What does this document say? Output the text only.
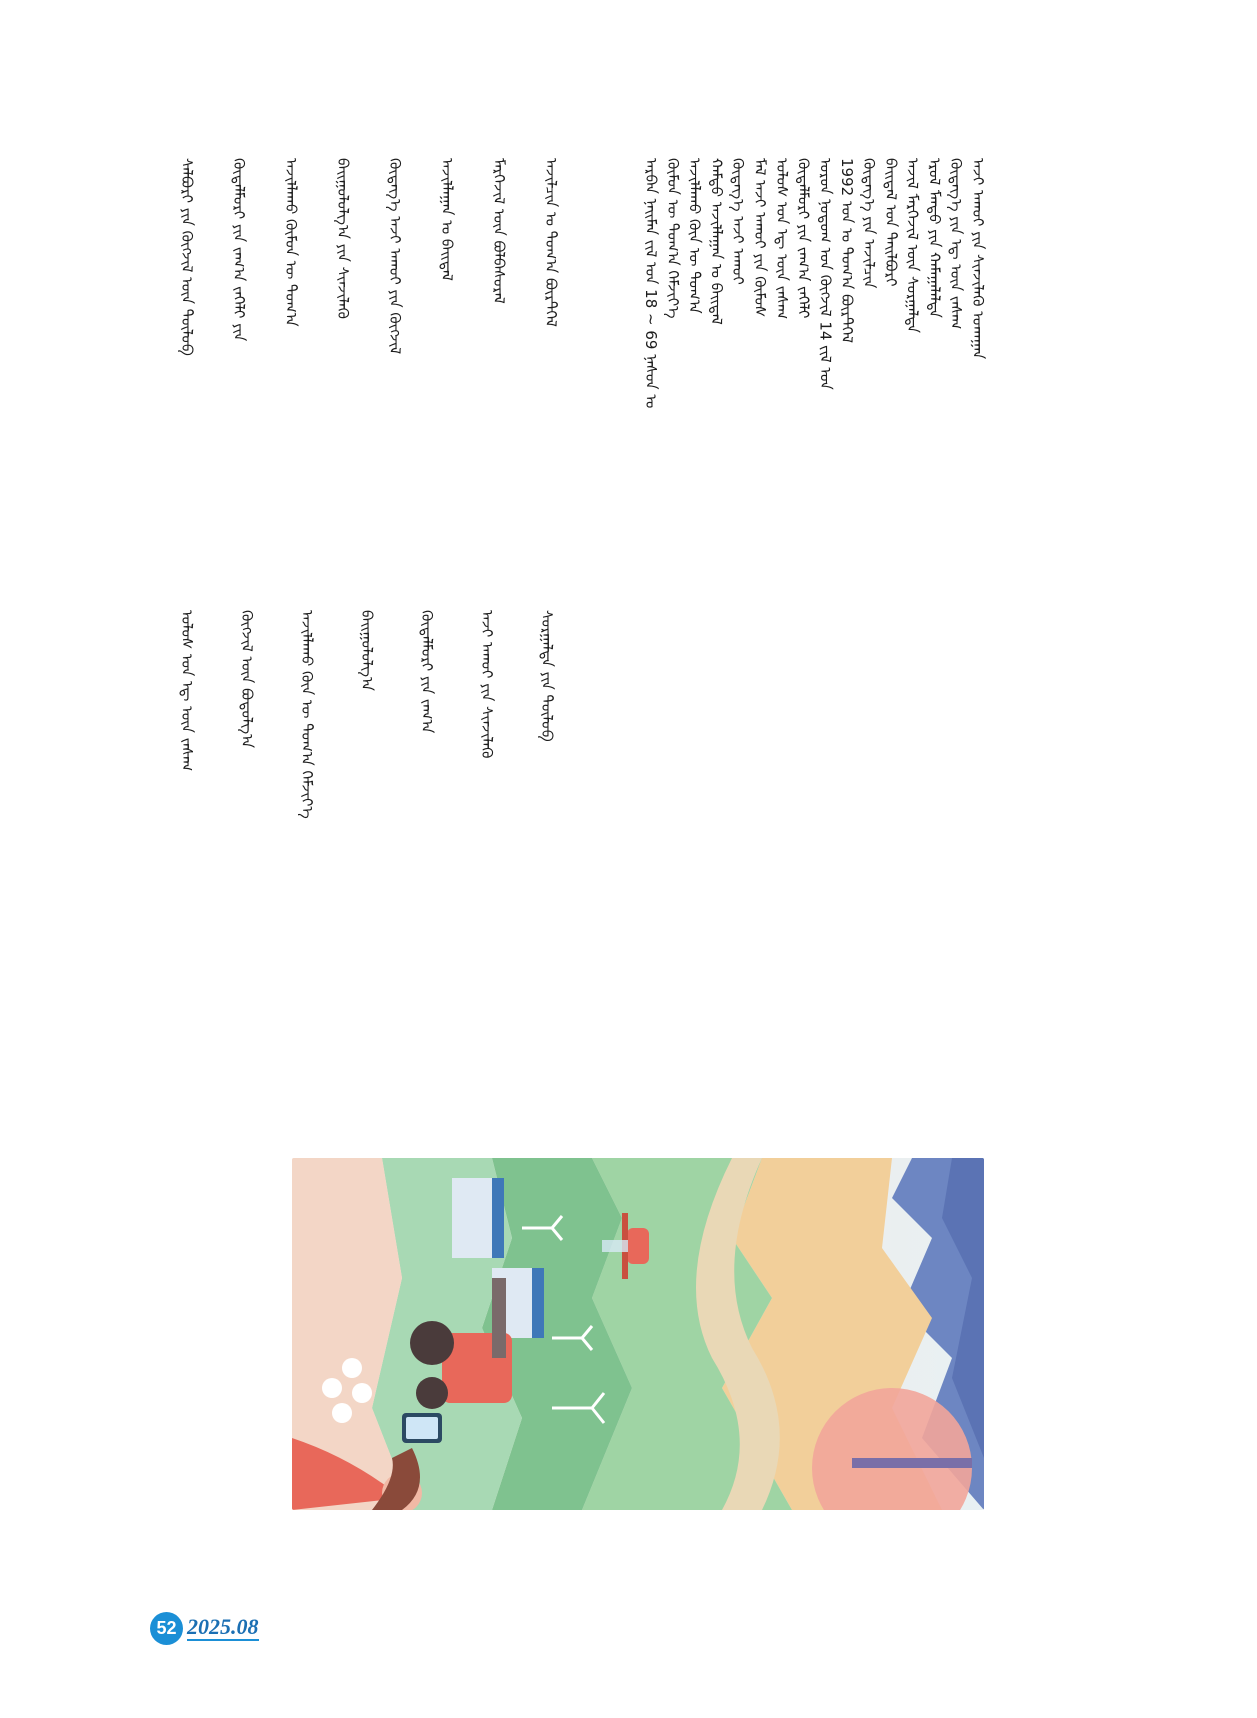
ᠠᠷᠪᠠᠨ ᠨᠠᠢᠮᠠᠨ ᠵᠢᠯ ᠤᠨ 18 ~ 69 ᠨᠠᠰᠤᠨ ᠤ ᠬᠦᠮᠦᠨ ᠦ ᠲᠣᠭ᠎ᠠ ᠬᠡᠮᠵᠢᠶ᠎ᠡ ᠠᠵᠢᠯᠯᠠᠬᠤ ᠬᠦᠨ ᠦ ᠲᠣᠭ᠎ᠠ ᠬᠠᠮᠲᠤ ᠠᠵᠢᠯᠯᠠᠭᠠᠨ ᠤ ᠪᠠᠢᠳᠠᠯ ᠬᠥᠳᠡᠭ᠎ᠡ ᠠᠵᠢ ᠠᠬᠤᠢ ᠮᠠᠯ ᠠᠵᠢ ᠠᠬᠤᠢ ᠶᠢᠨ ᠬᠦᠮᠦᠰ ᠤᠯᠤᠰ ᠤᠨ ᠡᠳ᠋ ᠦᠨ ᠵᠠᠰᠠᠭ ᠬᠦᠳᠡᠯᠮᠦᠷᠢ ᠶᠢᠨ ᠵᠠᠬ᠎ᠠ ᠵᠡᠭᠡᠯᠢ ᠣᠷᠣᠨ ᠨᠤᠲᠤᠭ ᠤᠨ ᠬᠥᠭᠵᠢᠯ 14 ᠵᠢᠯ ᠤᠨ 1992 ᠣᠨ ᠤ ᠲᠣᠭ᠎ᠠ ᠪᠦᠷᠲᠭᠡᠯ ᠬᠥᠳᠡᠭ᠎ᠡ ᠶᠢᠨ ᠠᠵᠢᠯᠴᠢᠨ ᠪᠠᠢᠳᠠᠯ ᠤᠨ ᠲᠠᠢᠯᠪᠤᠷᠢ ᠠᠵᠢᠯ ᠮᠡᠷᠭᠡᠵᠢᠯ ᠦᠨ ᠰᠤᠷᠭᠠᠯᠲᠠ ᠡᠷᠦᠯ ᠮᠡᠨᠳᠦ ᠶᠢᠨ ᠬᠠᠮᠠᠭᠠᠯᠠᠯᠲᠠ ᠬᠥᠳᠡᠭ᠎ᠡ ᠶᠢᠨ ᠡᠳ᠋ ᠦᠨ ᠵᠠᠰᠠᠭ ᠠᠵᠢ ᠠᠬᠤᠢ ᠶᠢᠨ ᠰᠢᠨᠵᠢᠯᠡᠬᠦ ᠤᠬᠠᠭᠠᠨ
ᠰᠠᠯᠪᠤᠷᠢ ᠶᠢᠨ ᠬᠥᠭᠵᠢᠯ ᠦᠨ ᠲᠥᠯᠦᠪ	ᠬᠥᠳᠡᠯᠮᠦᠷᠢ ᠶᠢᠨ ᠵᠠᠬ᠎ᠠ ᠵᠡᠭᠡᠯᠢ ᠶᠢᠨ	ᠠᠵᠢᠯᠯᠠᠬᠤ ᠬᠦᠮᠦᠨ ᠦ ᠲᠣᠭ᠎ᠠ	ᠪᠠᠢᠭᠤᠯᠤᠯᠭ᠎ᠠ ᠶᠢᠨ ᠰᠢᠨᠵᠢᠯᠡᠬᠦ	ᠬᠥᠳᠡᠭ᠎ᠡ ᠠᠵᠢ ᠠᠬᠤᠢ ᠶᠢᠨ ᠬᠥᠭᠵᠢᠯ	ᠠᠵᠢᠯᠯᠠᠭᠠᠨ ᠤ ᠪᠠᠢᠳᠠᠯ	ᠮᠡᠷᠭᠡᠵᠢᠯ ᠦᠨ ᠪᠣᠯᠪᠠᠰᠤᠷᠠᠯ	ᠠᠵᠢᠯᠴᠢᠨ ᠤ ᠲᠣᠭ᠎ᠠ ᠪᠦᠷᠲᠭᠡᠯ
ᠤᠯᠤᠰ ᠤᠨ ᠡᠳ᠋ ᠦᠨ ᠵᠠᠰᠠᠭ	ᠬᠥᠭᠵᠢᠯ ᠦᠨ ᠪᠣᠳᠣᠯᠭ᠎ᠠ	ᠠᠵᠢᠯᠯᠠᠬᠤ ᠬᠦᠨ ᠦ ᠲᠣᠭ᠎ᠠ ᠬᠡᠮᠵᠢᠶ᠎ᠡ	ᠪᠠᠢᠭᠤᠯᠤᠯᠭ᠎ᠠ	ᠬᠦᠳᠡᠯᠮᠦᠷᠢ ᠶᠢᠨ ᠵᠠᠬ᠎ᠠ	ᠠᠵᠢ ᠠᠬᠤᠢ ᠶᠢᠨ ᠰᠢᠨᠵᠢᠯᠡᠬᠦ	ᠰᠤᠷᠭᠠᠯᠲᠠ ᠶᠢᠨ ᠲᠥᠯᠦᠪ
52 2025.08
